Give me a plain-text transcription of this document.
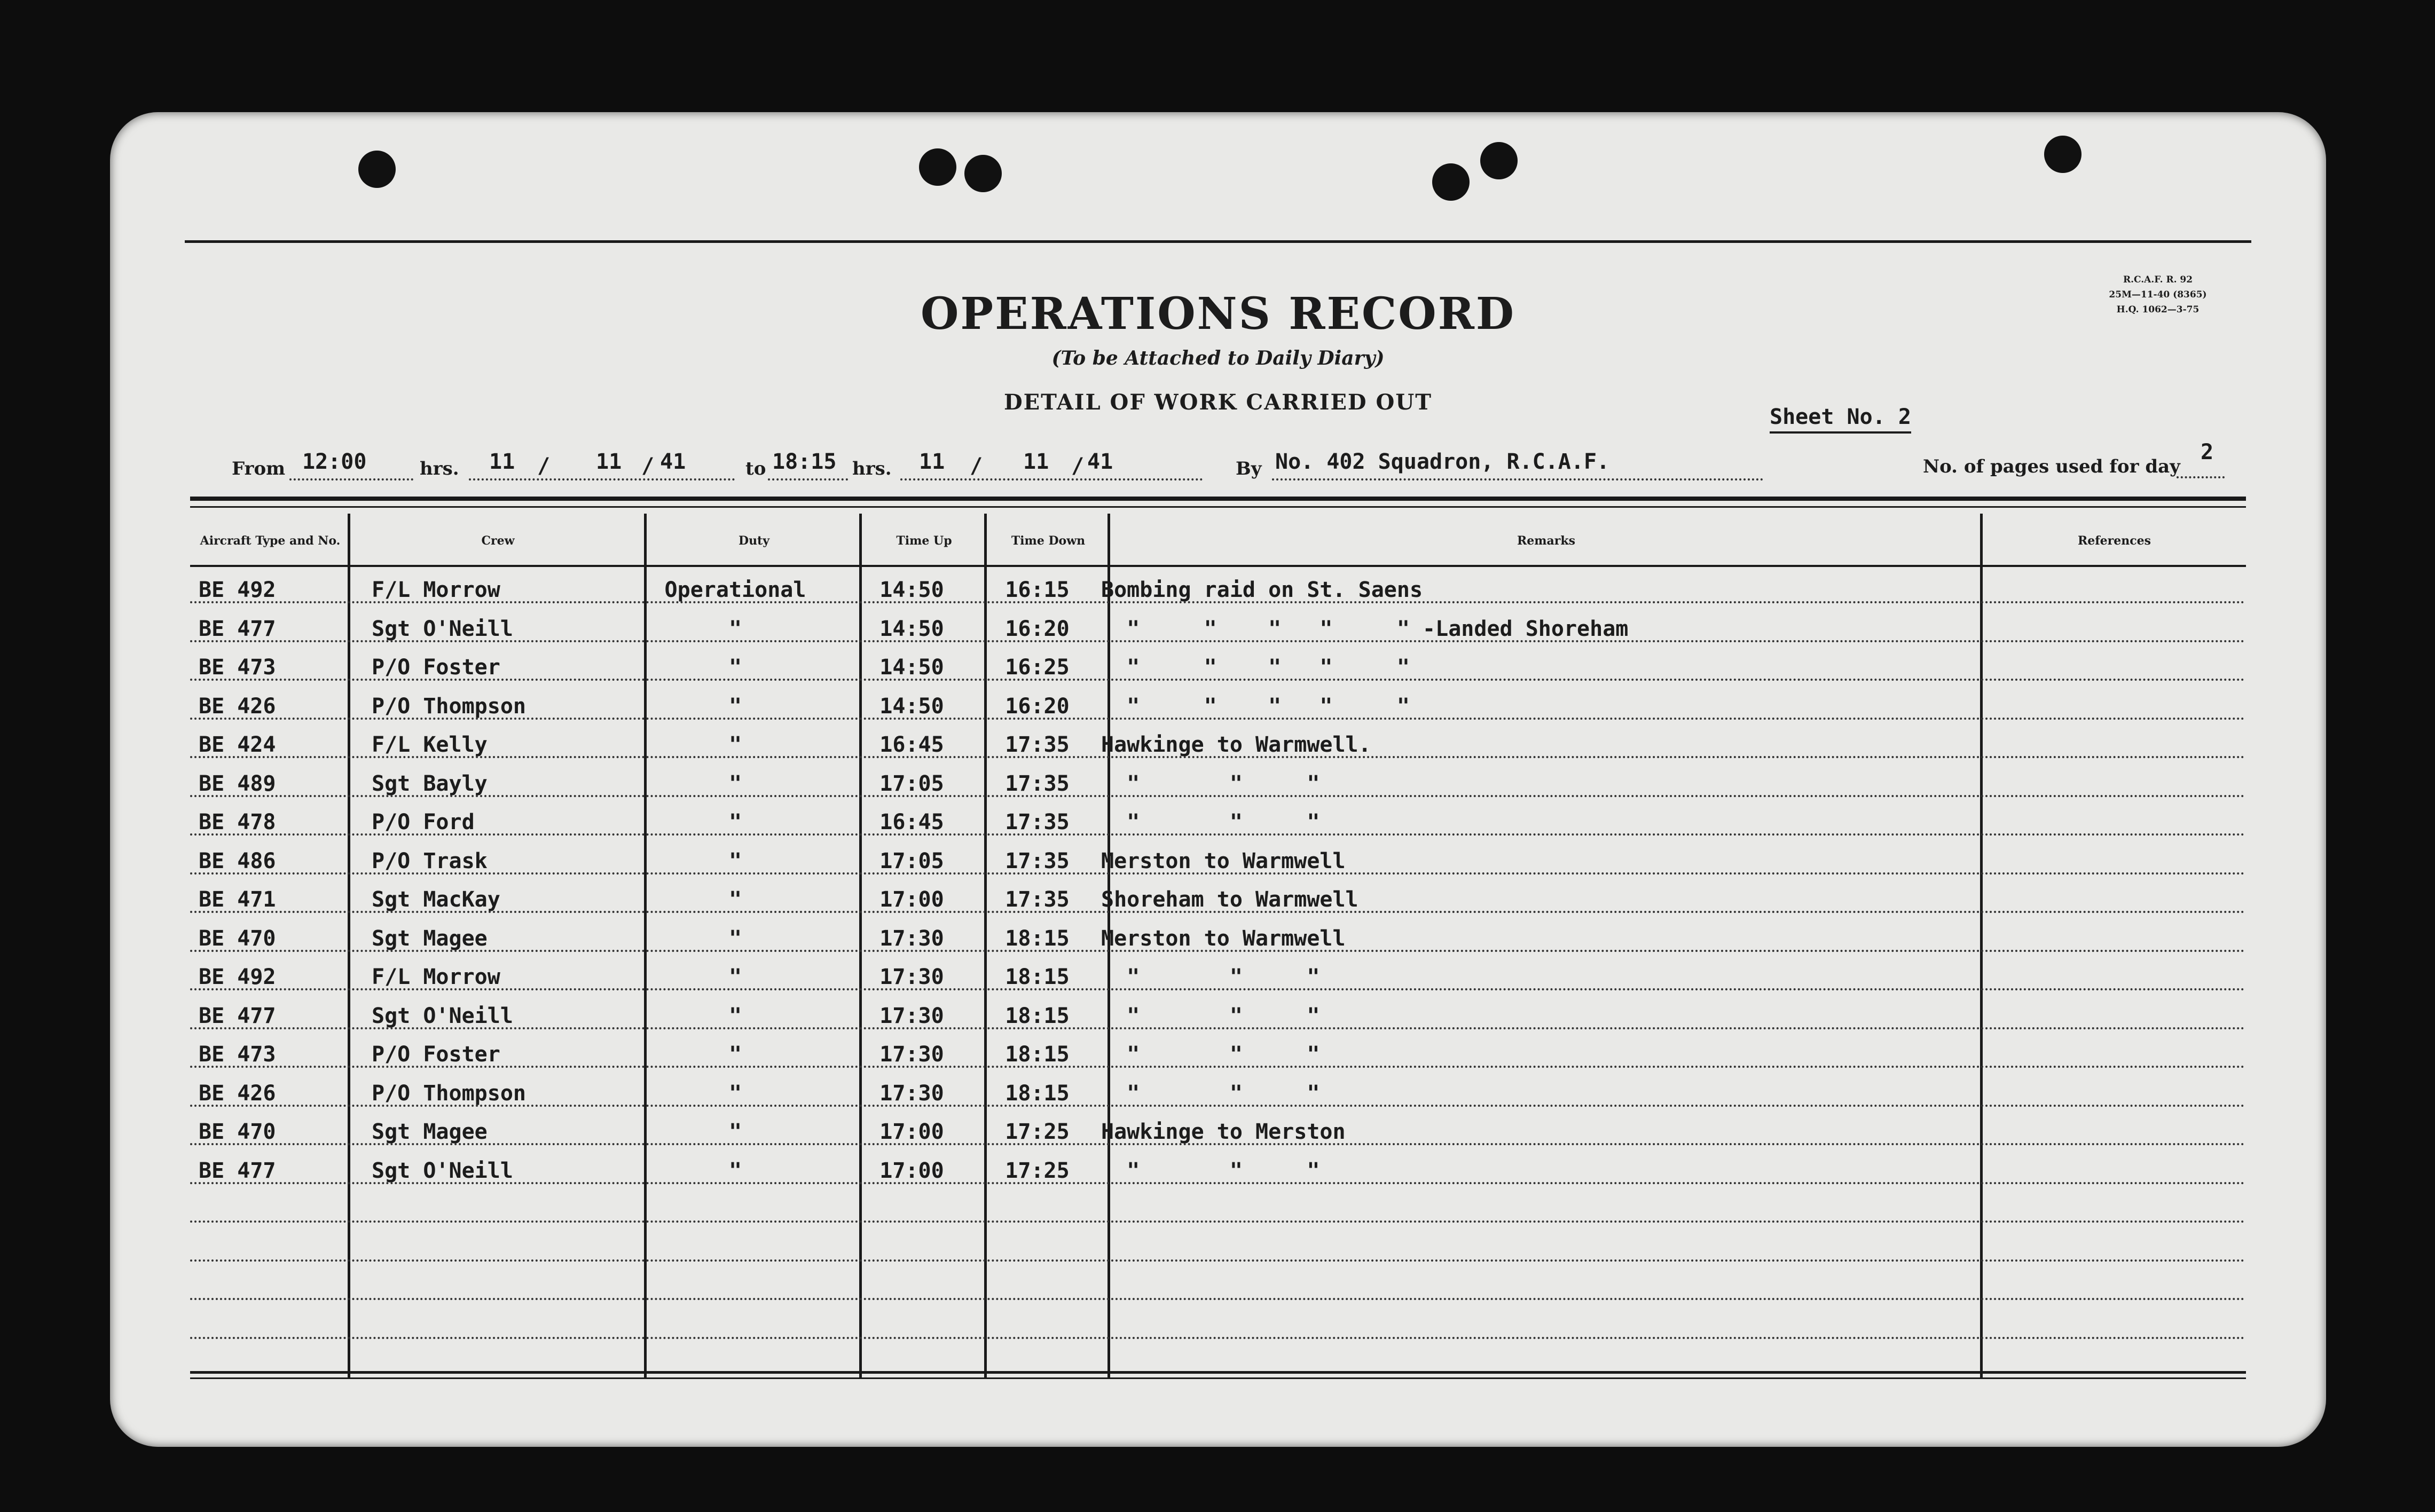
OPERATIONS RECORD
(To be Attached to Daily Diary)
DETAIL OF WORK CARRIED OUT
R.C.A.F. R. 92
25M—11-40 (8365)
H.Q. 1062—3-75
Sheet No. 2
From 12:00	hrs. 11 / 11 / 41	to 18:15 hrs. 11 / 11 / 41	By No. 402 Squadron, R.C.A.F.	No. of pages used for day
2
Aircraft Type and No.	Crew	Duty	Time Up	Time Down	Remarks	References
BE 492	F/L Morrow	Operational	14:50	16:15	Bombing raid on St. Saens
BE 477	Sgt O'Neill	"	14:50	16:20	"     "    "   "     " -Landed Shoreham
BE 473	P/O Foster	"	14:50	16:25	"     "    "   "     "
BE 426	P/O Thompson	"	14:50	16:20	"     "    "   "     "
BE 424	F/L Kelly	"	16:45	17:35	Hawkinge to Warmwell.
BE 489	Sgt Bayly	"	17:05	17:35	"       "     "
BE 478	P/O Ford	"	16:45	17:35	"       "     "
BE 486	P/O Trask	"	17:05	17:35	Merston to Warmwell
BE 471	Sgt MacKay	"	17:00	17:35	Shoreham to Warmwell
BE 470	Sgt Magee	"	17:30	18:15	Merston to Warmwell
BE 492	F/L Morrow	"	17:30	18:15	"       "     "
BE 477	Sgt O'Neill	"	17:30	18:15	"       "     "
BE 473	P/O Foster	"	17:30	18:15	"       "     "
BE 426	P/O Thompson	"	17:30	18:15	"       "     "
BE 470	Sgt Magee	"	17:00	17:25	Hawkinge to Merston
BE 477	Sgt O'Neill	"	17:00	17:25	"       "     "
